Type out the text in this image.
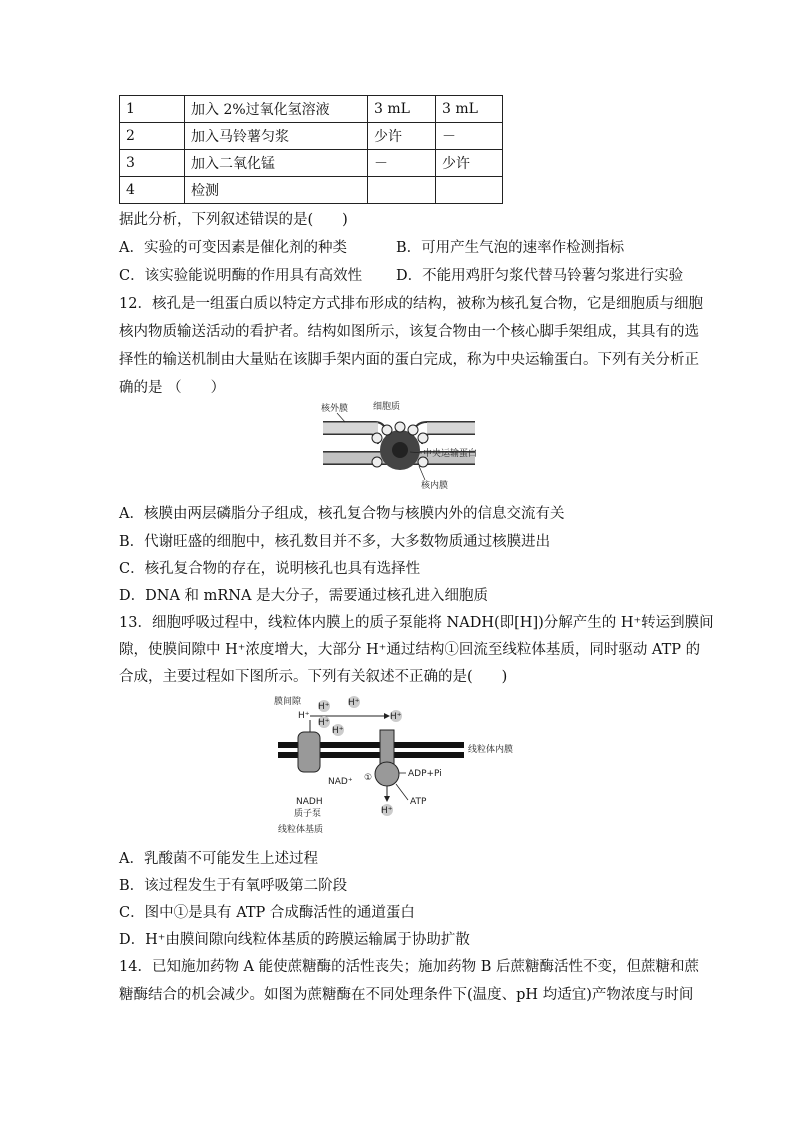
1	加入 2%过氧化氢溶液	3 mL	3 mL
2	加入马铃薯匀浆	少许	－
3	加入二氧化锰	－	少许
4	检测		
据此分析，下列叙述错误的是(　　)
A．实验的可变因素是催化剂的种类	B．可用产生气泡的速率作检测指标
C．该实验能说明酶的作用具有高效性 D．不能用鸡肝匀浆代替马铃薯匀浆进行实验
12．核孔是一组蛋白质以特定方式排布形成的结构，被称为核孔复合物，它是细胞质与细胞
核内物质输送活动的看护者。结构如图所示，该复合物由一个核心脚手架组成，其具有的选
择性的输送机制由大量贴在该脚手架内面的蛋白完成，称为中央运输蛋白。下列有关分析正
确的是 （　　）
核外膜	细胞质
中央运输蛋白
核内膜
A．核膜由两层磷脂分子组成，核孔复合物与核膜内外的信息交流有关
B．代谢旺盛的细胞中，核孔数目并不多，大多数物质通过核膜进出
C．核孔复合物的存在，说明核孔也具有选择性
D．DNA 和 mRNA 是大分子，需要通过核孔进入细胞质
13．细胞呼吸过程中，线粒体内膜上的质子泵能将 NADH(即[H])分解产生的 H⁺转运到膜间
隙，使膜间隙中 H⁺浓度增大，大部分 H⁺通过结构①回流至线粒体基质，同时驱动 ATP 的
合成，主要过程如下图所示。下列有关叙述不正确的是(　　)
H⁺ H⁺
H⁺
H⁺
H⁺
H⁺
H⁺
膜间隙
线粒体内膜
NAD⁺ ①	ADP+Pi
ATP
NADH
质子泵
线粒体基质
A．乳酸菌不可能发生上述过程
B．该过程发生于有氧呼吸第二阶段
C．图中①是具有 ATP 合成酶活性的通道蛋白
D．H⁺由膜间隙向线粒体基质的跨膜运输属于协助扩散
14．已知施加药物 A 能使蔗糖酶的活性丧失；施加药物 B 后蔗糖酶活性不变，但蔗糖和蔗
糖酶结合的机会减少。如图为蔗糖酶在不同处理条件下(温度、pH 均适宜)产物浓度与时间
